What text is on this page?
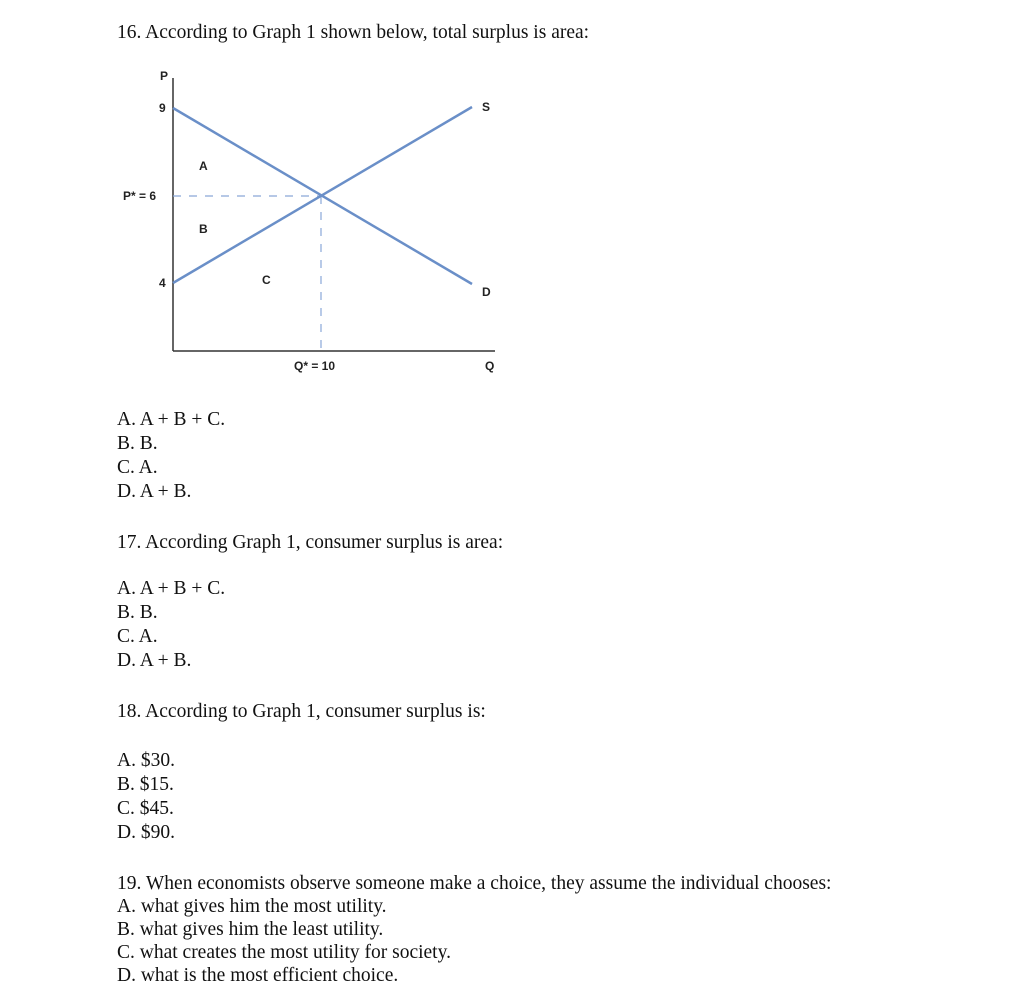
16. According to Graph 1 shown below, total surplus is area:
P
9
P* = 6
4
A
B
C
S
D
Q* = 10	Q
A. A + B + C.
B. B.
C. A.
D. A + B.
17. According Graph 1, consumer surplus is area:
A. A + B + C.
B. B.
C. A.
D. A + B.
18. According to Graph 1, consumer surplus is:
A. $30.
B. $15.
C. $45.
D. $90.
19. When economists observe someone make a choice, they assume the individual chooses:
A. what gives him the most utility.
B. what gives him the least utility.
C. what creates the most utility for society.
D. what is the most efficient choice.
